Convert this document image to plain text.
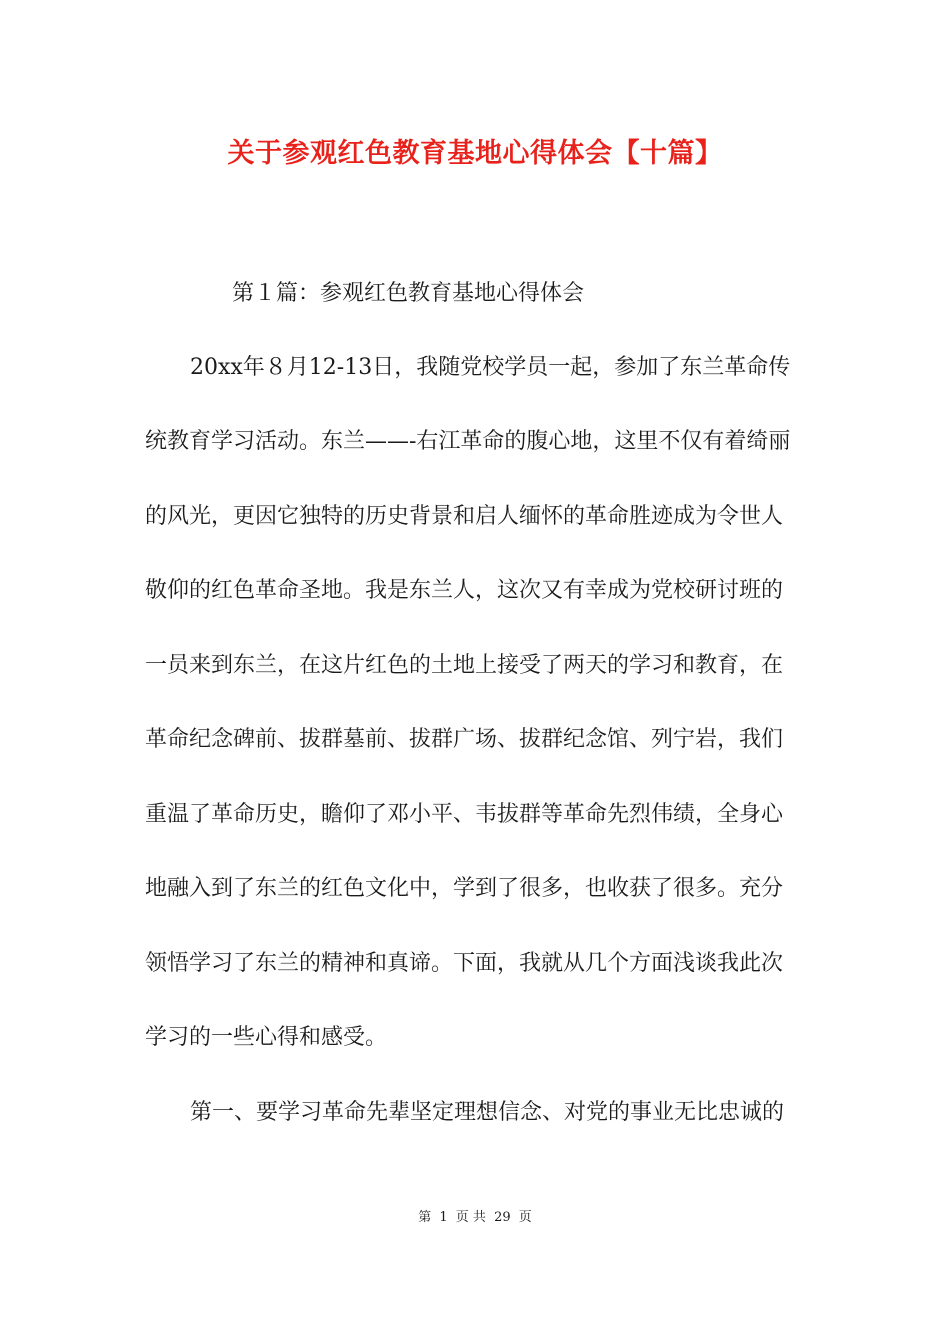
关于参观红色教育基地心得体会【十篇】
第１篇：参观红色教育基地心得体会
20xx年８月12-13日，我随党校学员一起，参加了东兰革命传
统教育学习活动。东兰——-右江革命的腹心地，这里不仅有着绮丽
的风光，更因它独特的历史背景和启人缅怀的革命胜迹成为令世人
敬仰的红色革命圣地。我是东兰人，这次又有幸成为党校研讨班的
一员来到东兰，在这片红色的土地上接受了两天的学习和教育，在
革命纪念碑前、拔群墓前、拔群广场、拔群纪念馆、列宁岩，我们
重温了革命历史，瞻仰了邓小平、韦拔群等革命先烈伟绩，全身心
地融入到了东兰的红色文化中，学到了很多，也收获了很多。充分
领悟学习了东兰的精神和真谛。下面，我就从几个方面浅谈我此次
学习的一些心得和感受。
第一、要学习革命先辈坚定理想信念、对党的事业无比忠诚的
第 1 页 共 29 页
